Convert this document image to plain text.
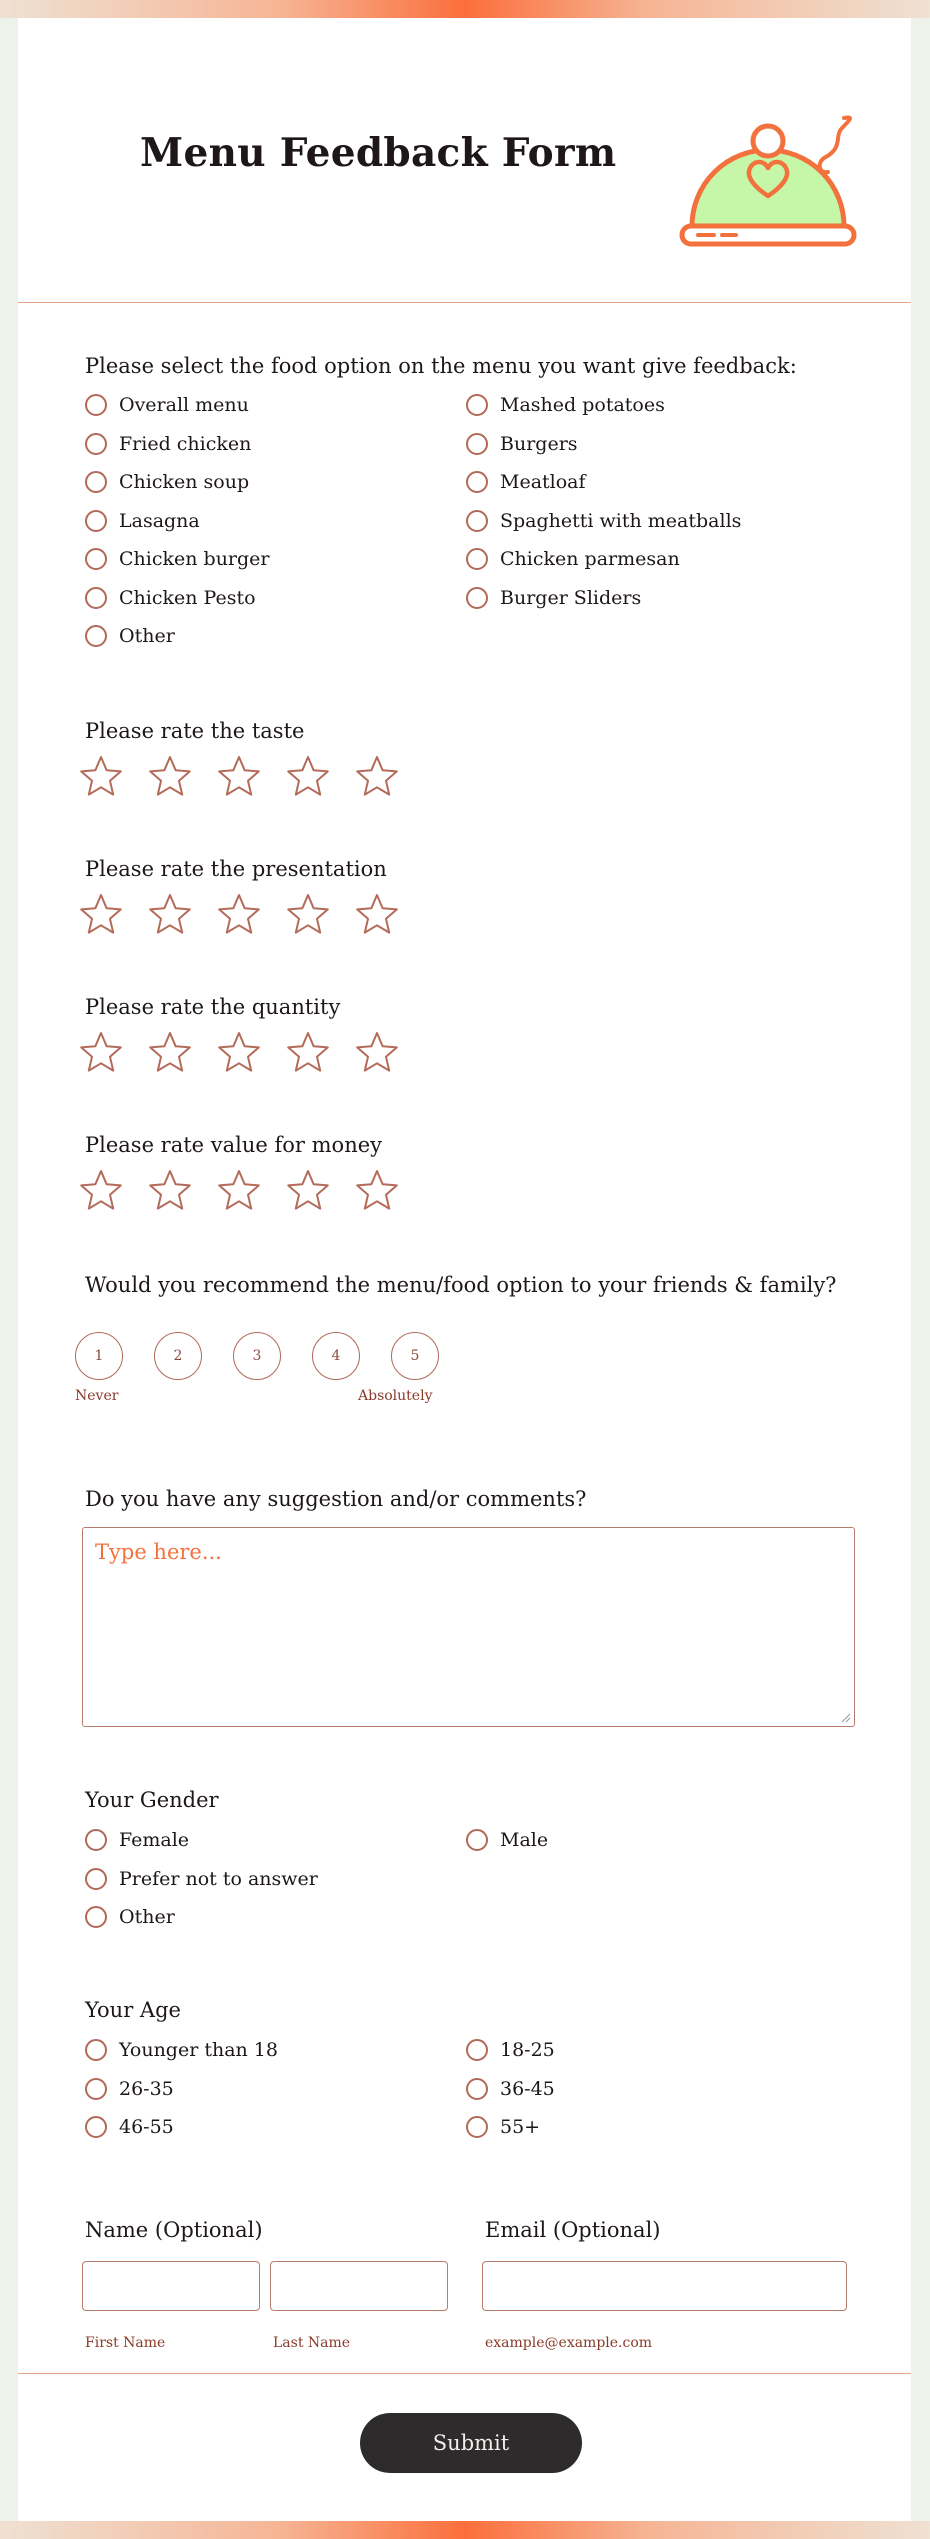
Menu Feedback Form
Please select the food option on the menu you want give feedback:
Overall menu
Fried chicken
Chicken soup
Lasagna
Chicken burger
Chicken Pesto
Other
Mashed potatoes
Burgers
Meatloaf
Spaghetti with meatballs
Chicken parmesan
Burger Sliders
Please rate the taste
Please rate the presentation
Please rate the quantity
Please rate value for money
Would you recommend the menu/food option to your friends & family?
1	2	3	4	5
Never	Absolutely
Do you have any suggestion and/or comments?
Type here...
Your Gender
Female
Prefer not to answer
Other
Male
Your Age
Younger than 18
26-35
46-55
18-25
36-45
55+
Name (Optional)
First Name	Last Name
Email (Optional)
example@example.com
Submit
